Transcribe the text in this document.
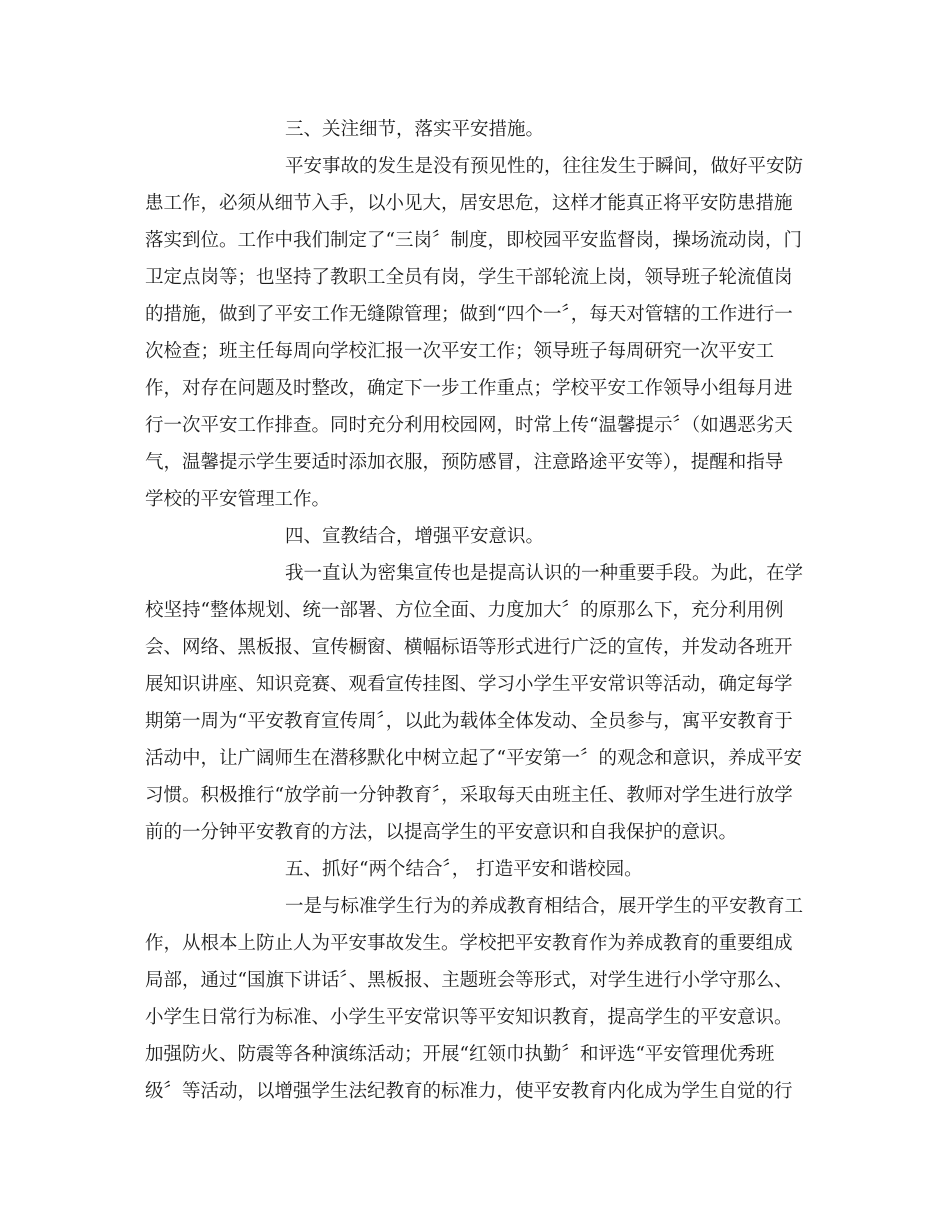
三、关注细节，落实平安措施。
平安事故的发生是没有预见性的，往往发生于瞬间，做好平安防
患工作，必须从细节入手，以小见大，居安思危，这样才能真正将平安防患措施
落实到位。工作中我们制定了“三岗〞制度，即校园平安监督岗，操场流动岗，门
卫定点岗等；也坚持了教职工全员有岗，学生干部轮流上岗，领导班子轮流值岗
的措施，做到了平安工作无缝隙管理；做到“四个一〞，每天对管辖的工作进行一
次检查；班主任每周向学校汇报一次平安工作；领导班子每周研究一次平安工
作，对存在问题及时整改，确定下一步工作重点；学校平安工作领导小组每月进
行一次平安工作排查。同时充分利用校园网，时常上传“温馨提示〞（如遇恶劣天
气，温馨提示学生要适时添加衣服，预防感冒，注意路途平安等），提醒和指导
学校的平安管理工作。
四、宣教结合，增强平安意识。
我一直认为密集宣传也是提高认识的一种重要手段。为此，在学
校坚持“整体规划、统一部署、方位全面、力度加大〞的原那么下，充分利用例
会、网络、黑板报、宣传橱窗、横幅标语等形式进行广泛的宣传，并发动各班开
展知识讲座、知识竞赛、观看宣传挂图、学习小学生平安常识等活动，确定每学
期第一周为“平安教育宣传周〞，以此为载体全体发动、全员参与，寓平安教育于
活动中，让广阔师生在潜移默化中树立起了“平安第一〞的观念和意识，养成平安
习惯。积极推行“放学前一分钟教育〞，采取每天由班主任、教师对学生进行放学
前的一分钟平安教育的方法，以提高学生的平安意识和自我保护的意识。
五、抓好“两个结合〞， 打造平安和谐校园。
一是与标准学生行为的养成教育相结合，展开学生的平安教育工
作，从根本上防止人为平安事故发生。学校把平安教育作为养成教育的重要组成
局部，通过“国旗下讲话〞、黑板报、主题班会等形式，对学生进行小学守那么、
小学生日常行为标准、小学生平安常识等平安知识教育，提高学生的平安意识。
加强防火、防震等各种演练活动；开展“红领巾执勤〞和评选“平安管理优秀班
级〞等活动，以增强学生法纪教育的标准力，使平安教育内化成为学生自觉的行
